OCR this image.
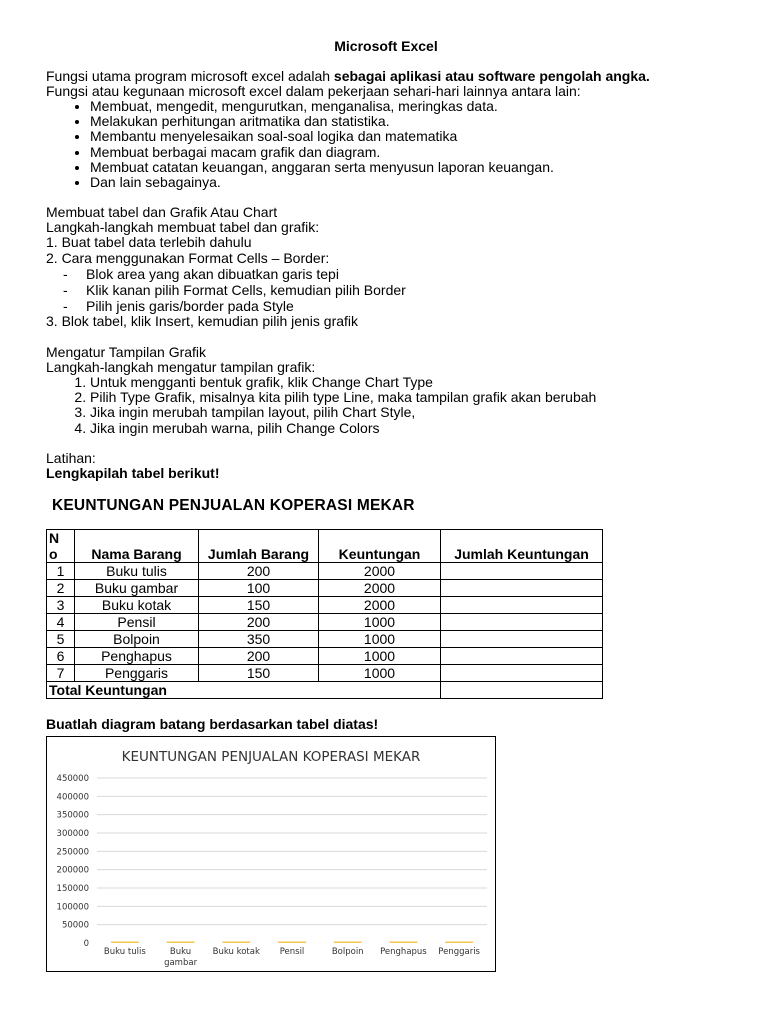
Microsoft Excel

Fungsi utama program microsoft excel adalah sebagai aplikasi atau software pengolah angka.

Fungsi atau kegunaan microsoft excel dalam pekerjaan sehari-hari lainnya antara lain:

• Membuat, mengedit, mengurutkan, menganalisa, meringkas data.
• Melakukan perhitungan aritmatika dan statistika.
• Membantu menyelesaikan soal-soal logika dan matematika
• Membuat berbagai macam grafik dan diagram.
• Membuat catatan keuangan, anggaran serta menyusun laporan keuangan.
• Dan lain sebagainya.

Membuat tabel dan Grafik Atau Chart

Langkah-langkah membuat tabel dan grafik:

1. Buat tabel data terlebih dahulu

2. Cara menggunakan Format Cells – Border:

- Blok area yang akan dibuatkan garis tepi
- Klik kanan pilih Format Cells, kemudian pilih Border
- Pilih jenis garis/border pada Style

3. Blok tabel, klik Insert, kemudian pilih jenis grafik

Mengatur Tampilan Grafik

Langkah-langkah mengatur tampilan grafik:

1. Untuk mengganti bentuk grafik, klik Change Chart Type
2. Pilih Type Grafik, misalnya kita pilih type Line, maka tampilan grafik akan berubah
3. Jika ingin merubah tampilan layout, pilih Chart Style,
4. Jika ingin merubah warna, pilih Change Colors

Latihan:

Lengkapilah tabel berikut!

KEUNTUNGAN PENJUALAN KOPERASI MEKAR
N
o	Nama Barang	Jumlah Barang	Keuntungan	Jumlah Keuntungan
1	Buku tulis	200	2000	
2	Buku gambar	100	2000	
3	Buku kotak	150	2000	
4	Pensil	200	1000	
5	Bolpoin	350	1000	
6	Penghapus	200	1000	
7	Penggaris	150	1000	
Total Keuntungan				
Buatlah diagram batang berdasarkan tabel diatas!
KEUNTUNGAN PENJUALAN KOPERASI MEKAR
0
50000
100000
150000
200000
250000
300000
350000
400000
450000
Buku tulis	Buku gambar
Buku kotak Pensil	Bolpoin Penghapus Penggaris
